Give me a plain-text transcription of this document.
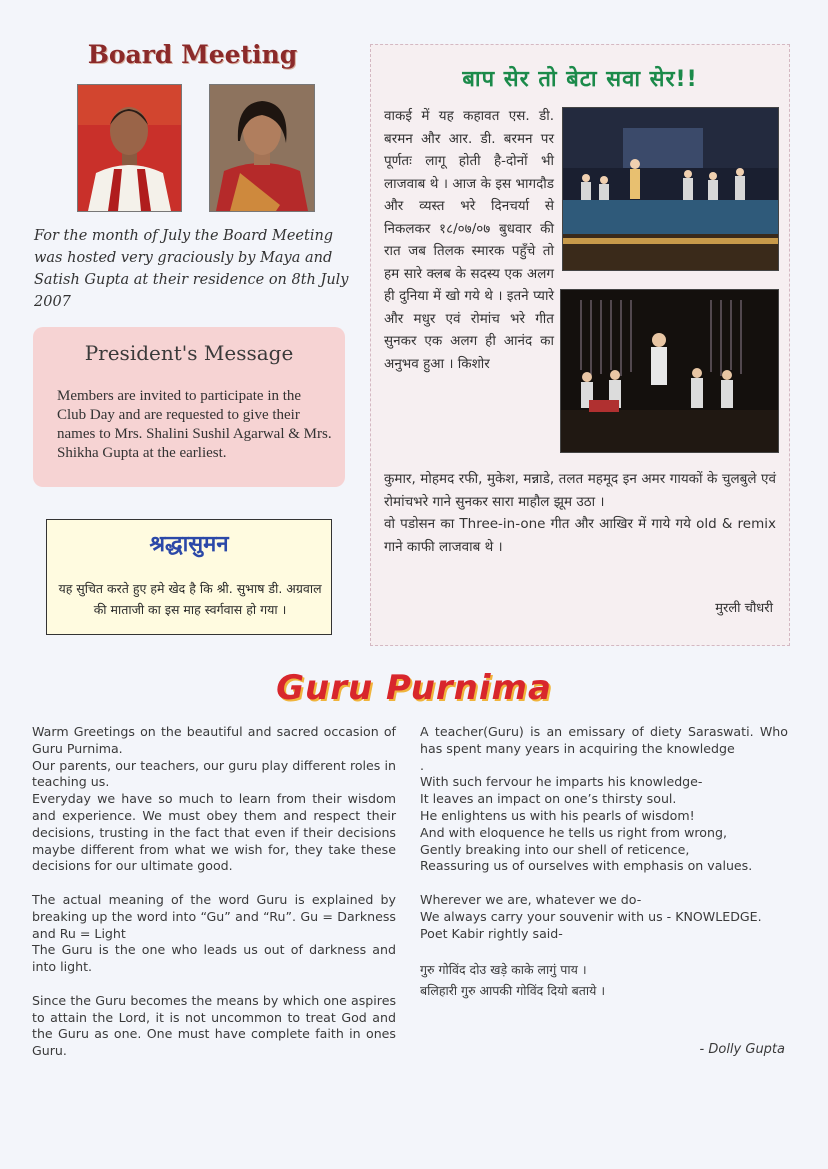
Board Meeting
For the month of July the Board Meeting was hosted very graciously by Maya and Satish Gupta at their residence on 8th July 2007
President's Message
Members are invited to participate in the Club Day and are requested to give their names to Mrs. Shalini Sushil Agarwal & Mrs. Shikha Gupta at the earliest.
श्रद्धासुमन
यह सुचित करते हुए हमे खेद है कि श्री. सुभाष डी. अग्रवाल की माताजी का इस माह स्वर्गवास हो गया ।
बाप सेर तो बेटा सवा सेर!!
वाकई में यह कहावत एस. डी. बरमन और आर. डी. बरमन पर पूर्णतः लागू होती है-दोनों भी लाजवाब थे । आज के इस भागदौड और व्यस्त भरे दिनचर्या से निकलकर १८/०७/०७ बुधवार की रात जब तिलक स्मारक पहुँचे तो हम सारे क्लब के सदस्य एक अलग ही दुनिया में खो गये थे । इतने प्यारे और मधुर एवं रोमांच भरे गीत सुनकर एक अलग ही आनंद का अनुभव हुआ । किशोर
कुमार, मोहमद रफी, मुकेश, मन्नाडे, तलत महमूद इन अमर गायकों के चुलबुले एवं रोमांचभरे गाने सुनकर सारा माहौल झूम उठा ।
वो पडोसन का Three-in-one गीत और आखिर में गाये गये old & remix गाने काफी लाजवाब थे ।
मुरली चौधरी
Guru Purnima
Warm Greetings on the beautiful and sacred occasion of Guru Purnima.
Our parents, our teachers, our guru play different roles in teaching us.
Everyday we have so much to learn from their wisdom and experience. We must obey them and respect their decisions, trusting in the fact that even if their decisions maybe different from what we wish for, they take these decisions for our ultimate good.
The actual meaning of the word Guru is explained by breaking up the word into “Gu” and “Ru”. Gu = Darkness and Ru = Light
The Guru is the one who leads us out of darkness and into light.
Since the Guru becomes the means by which one aspires to attain the Lord, it is not uncommon to treat God and the Guru as one. One must have complete faith in ones Guru.
A teacher(Guru) is an emissary of diety Saraswati. Who has spent many years in acquiring the knowledge
.
With such fervour he imparts his knowledge-
It leaves an impact on one’s thirsty soul.
He enlightens us with his pearls of wisdom!
And with eloquence he tells us right from wrong,
Gently breaking into our shell of reticence,
Reassuring us of ourselves with emphasis on values.
Wherever we are, whatever we do-
We always carry your souvenir with us - KNOWLEDGE.
Poet Kabir rightly said-
गुरु गोविंद दोउ खड़े काके लागुं पाय ।
बलिहारी गुरु आपकी गोविंद दियो बताये ।
- Dolly Gupta
